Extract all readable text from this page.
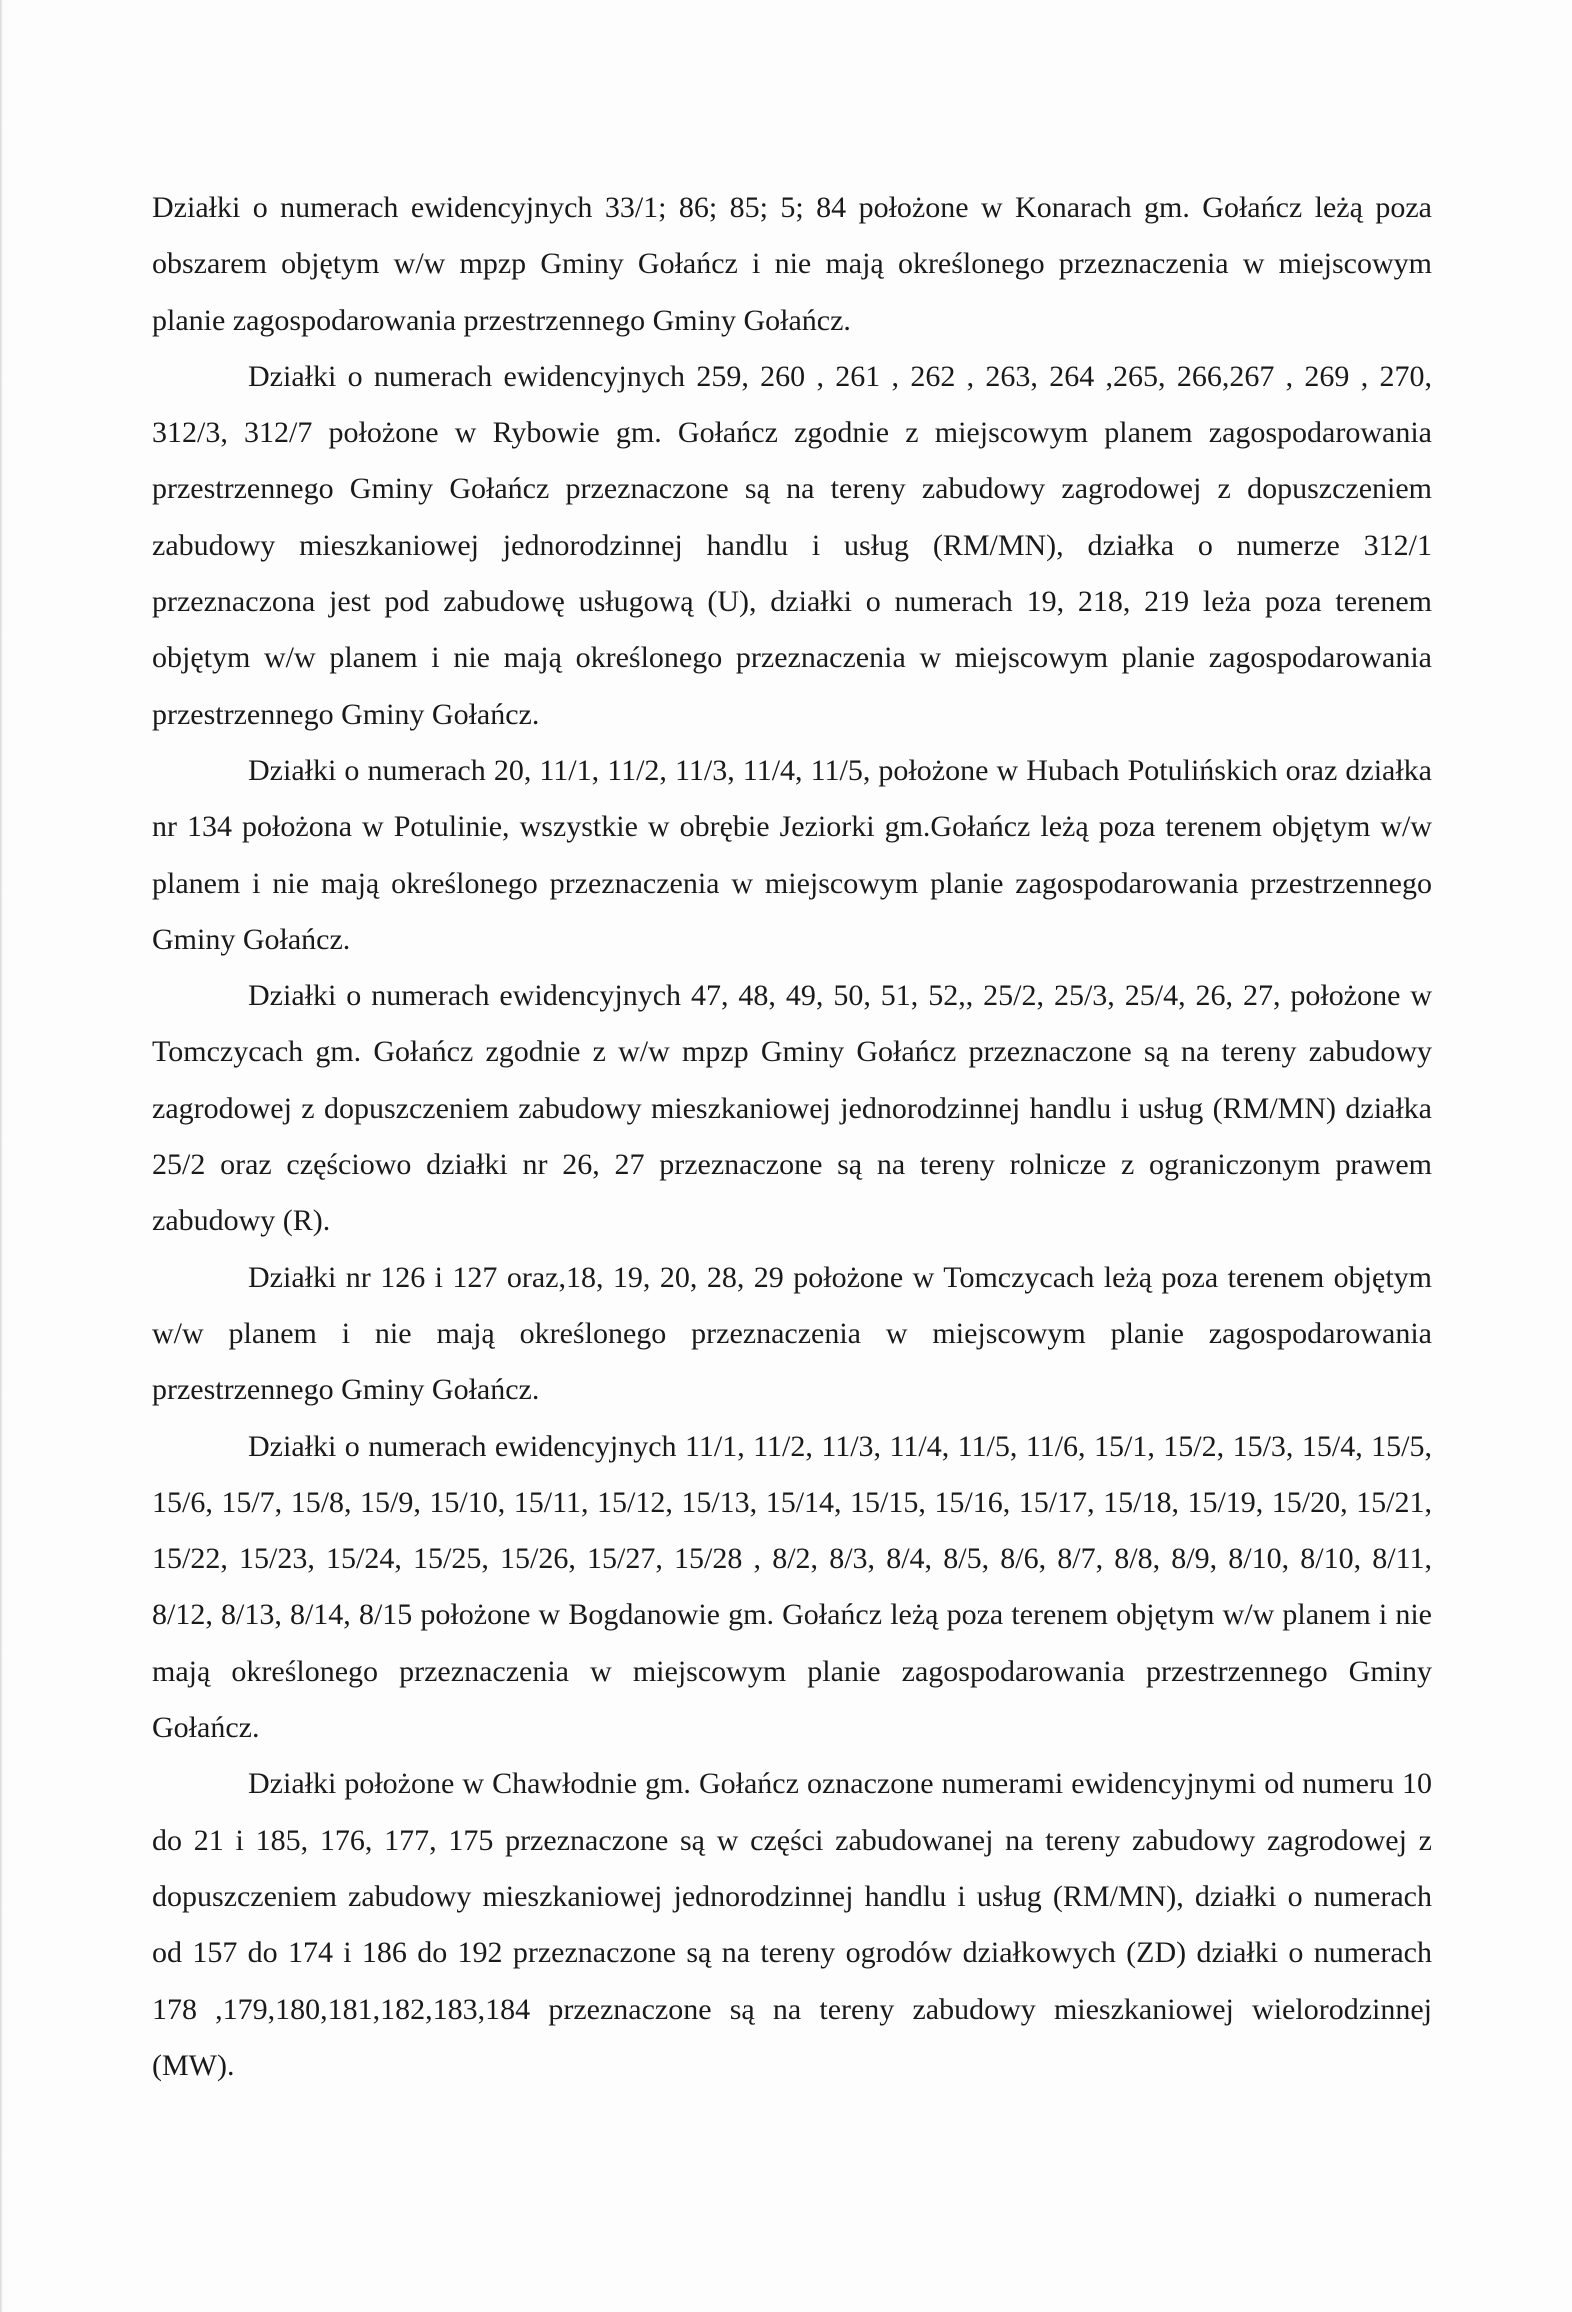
Działki o numerach ewidencyjnych 33/1; 86; 85; 5; 84 położone w Konarach gm. Gołańcz leżą poza obszarem objętym w/w mpzp Gminy Gołańcz i nie mają określonego przeznaczenia w miejscowym planie zagospodarowania przestrzennego Gminy Gołańcz.

Działki o numerach ewidencyjnych 259, 260 , 261 , 262 , 263, 264 ,265, 266,267 , 269 , 270, 312/3, 312/7 położone w Rybowie gm. Gołańcz zgodnie z miejscowym planem zagospodarowania przestrzennego Gminy Gołańcz przeznaczone są na tereny zabudowy zagrodowej z dopuszczeniem zabudowy mieszkaniowej jednorodzinnej handlu i usług (RM/MN), działka o numerze 312/1 przeznaczona jest pod zabudowę usługową (U), działki o numerach 19, 218, 219 leża poza terenem objętym w/w planem i nie mają określonego przeznaczenia w miejscowym planie zagospodarowania przestrzennego Gminy Gołańcz.

Działki o numerach 20, 11/1, 11/2, 11/3, 11/4, 11/5, położone w Hubach Potulińskich oraz działka nr 134 położona w Potulinie, wszystkie w obrębie Jeziorki gm.Gołańcz leżą poza terenem objętym w/w planem i nie mają określonego przeznaczenia w miejscowym planie zagospodarowania przestrzennego Gminy Gołańcz.

Działki o numerach ewidencyjnych 47, 48, 49, 50, 51, 52,, 25/2, 25/3, 25/4, 26, 27, położone w Tomczycach gm. Gołańcz zgodnie z w/w mpzp Gminy Gołańcz przeznaczone są na tereny zabudowy zagrodowej z dopuszczeniem zabudowy mieszkaniowej jednorodzinnej handlu i usług (RM/MN) działka 25/2 oraz częściowo działki nr 26, 27 przeznaczone są na tereny rolnicze z ograniczonym prawem zabudowy (R).

Działki nr 126 i 127 oraz,18, 19, 20, 28, 29 położone w Tomczycach leżą poza terenem objętym w/w planem i nie mają określonego przeznaczenia w miejscowym planie zagospodarowania przestrzennego Gminy Gołańcz.

Działki o numerach ewidencyjnych 11/1, 11/2, 11/3, 11/4, 11/5, 11/6, 15/1, 15/2, 15/3, 15/4, 15/5, 15/6, 15/7, 15/8, 15/9, 15/10, 15/11, 15/12, 15/13, 15/14, 15/15, 15/16, 15/17, 15/18, 15/19, 15/20, 15/21, 15/22, 15/23, 15/24, 15/25, 15/26, 15/27, 15/28 , 8/2, 8/3, 8/4, 8/5, 8/6, 8/7, 8/8, 8/9, 8/10, 8/10, 8/11, 8/12, 8/13, 8/14, 8/15 położone w Bogdanowie gm. Gołańcz leżą poza terenem objętym w/w planem i nie mają określonego przeznaczenia w miejscowym planie zagospodarowania przestrzennego Gminy Gołańcz.

Działki położone w Chawłodnie gm. Gołańcz oznaczone numerami ewidencyjnymi od numeru 10 do 21 i 185, 176, 177, 175 przeznaczone są w części zabudowanej na tereny zabudowy zagrodowej z dopuszczeniem zabudowy mieszkaniowej jednorodzinnej handlu i usług (RM/MN), działki o numerach od 157 do 174 i 186 do 192 przeznaczone są na tereny ogrodów działkowych (ZD) działki o numerach 178 ,179,180,181,182,183,184 przeznaczone są na tereny zabudowy mieszkaniowej wielorodzinnej (MW).
